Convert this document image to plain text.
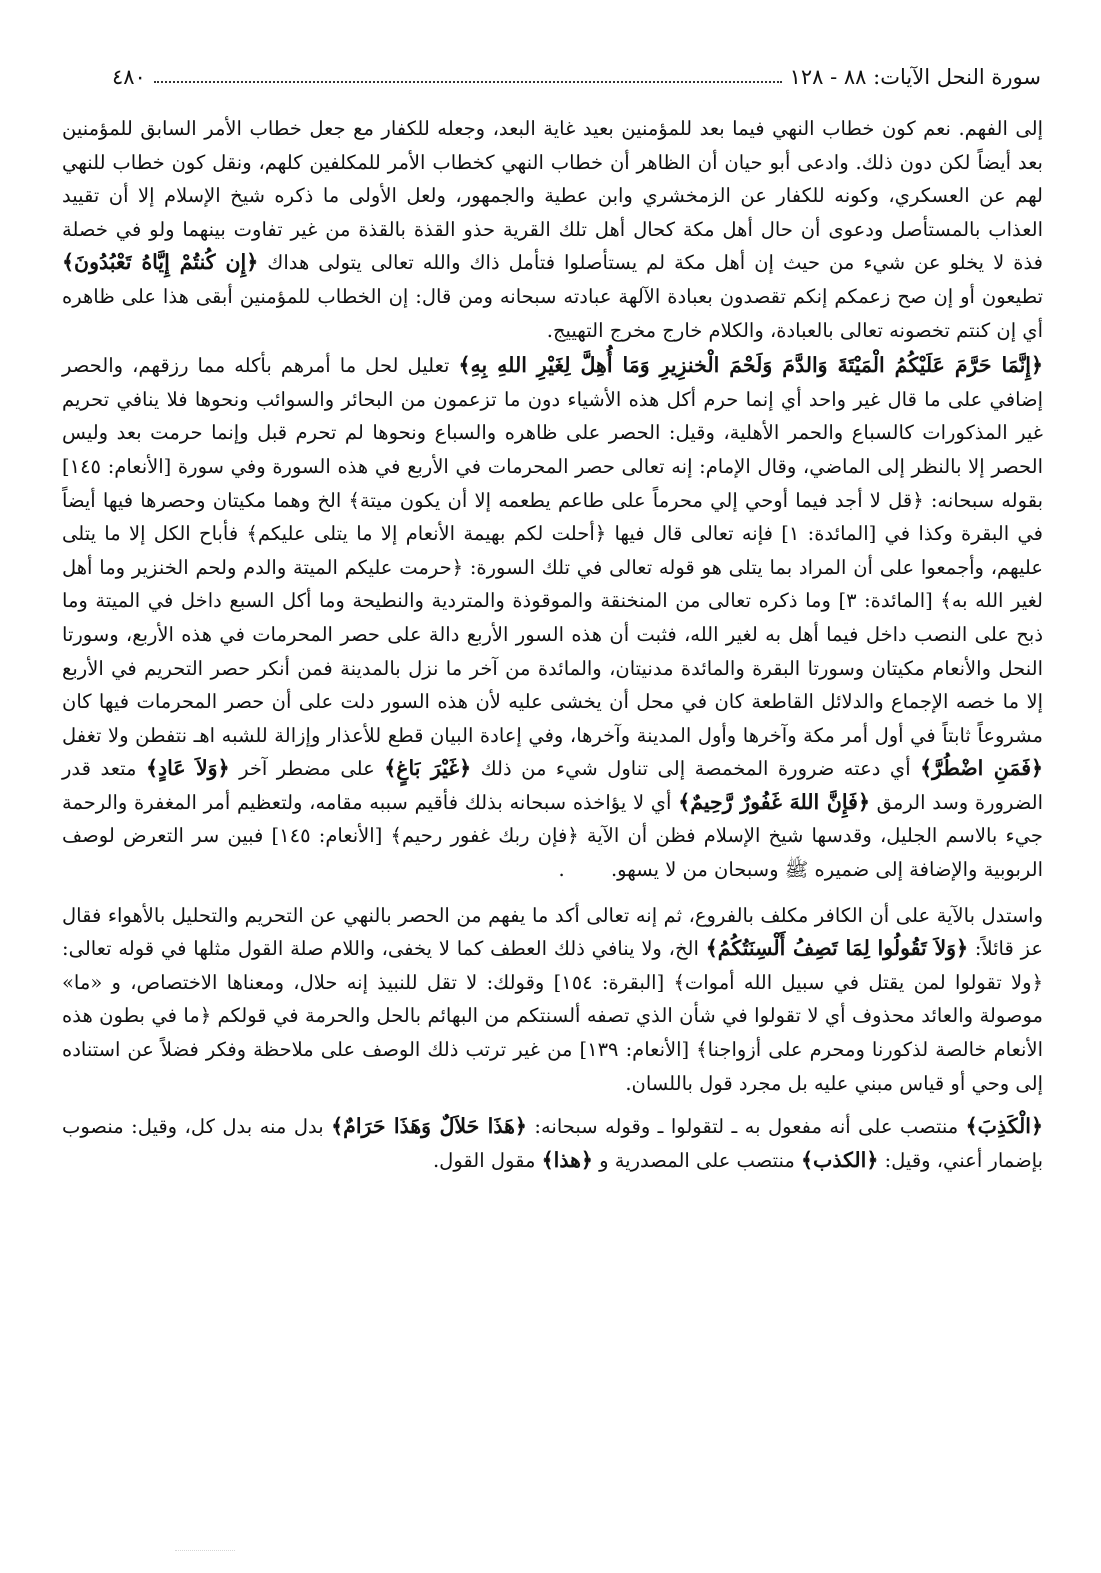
٤٨٠	سورة النحل الآيات: ٨٨ - ١٢٨

إلى الفهم. نعم كون خطاب النهي فيما بعد للمؤمنين بعيد غاية البعد، وجعله للكفار مع جعل خطاب الأمر السابق للمؤمنين بعد أيضاً لكن دون ذلك. وادعى أبو حيان أن الظاهر أن خطاب النهي كخطاب الأمر للمكلفين كلهم، ونقل كون خطاب للنهي لهم عن العسكري، وكونه للكفار عن الزمخشري وابن عطية والجمهور، ولعل الأولى ما ذكره شيخ الإسلام إلا أن تقييد العذاب بالمستأصل ودعوى أن حال أهل مكة كحال أهل تلك القرية حذو القذة بالقذة من غير تفاوت بينهما ولو في خصلة فذة لا يخلو عن شيء من حيث إن أهل مكة لم يستأصلوا فتأمل ذاك والله تعالى يتولى هداك ﴿إِن كُنتُمْ إِيَّاهُ تَعْبُدُونَ﴾ تطيعون أو إن صح زعمكم إنكم تقصدون بعبادة الآلهة عبادته سبحانه ومن قال: إن الخطاب للمؤمنين أبقى هذا على ظاهره أي إن كنتم تخصونه تعالى بالعبادة، والكلام خارج مخرج التهييج.

﴿إِنَّمَا حَرَّمَ عَلَيْكُمُ الْمَيْتَةَ وَالدَّمَ وَلَحْمَ الْخنزِيرِ وَمَا أُهِلَّ لِغَيْرِ اللهِ بِهِ﴾ تعليل لحل ما أمرهم بأكله مما رزقهم، والحصر إضافي على ما قال غير واحد أي إنما حرم أكل هذه الأشياء دون ما تزعمون من البحائر والسوائب ونحوها فلا ينافي تحريم غير المذكورات كالسباع والحمر الأهلية، وقيل: الحصر على ظاهره والسباع ونحوها لم تحرم قبل وإنما حرمت بعد وليس الحصر إلا بالنظر إلى الماضي، وقال الإمام: إنه تعالى حصر المحرمات في الأربع في هذه السورة وفي سورة [الأنعام: ١٤٥] بقوله سبحانه: ﴿قل لا أجد فيما أوحي إلي محرماً على طاعم يطعمه إلا أن يكون ميتة﴾ الخ وهما مكيتان وحصرها فيها أيضاً في البقرة وكذا في [المائدة: ١] فإنه تعالى قال فيها ﴿أحلت لكم بهيمة الأنعام إلا ما يتلى عليكم﴾ فأباح الكل إلا ما يتلى عليهم، وأجمعوا على أن المراد بما يتلى هو قوله تعالى في تلك السورة: ﴿حرمت عليكم الميتة والدم ولحم الخنزير وما أهل لغير الله به﴾ [المائدة: ٣] وما ذكره تعالى من المنخنقة والموقوذة والمتردية والنطيحة وما أكل السبع داخل في الميتة وما ذبح على النصب داخل فيما أهل به لغير الله، فثبت أن هذه السور الأربع دالة على حصر المحرمات في هذه الأربع، وسورتا النحل والأنعام مكيتان وسورتا البقرة والمائدة مدنيتان، والمائدة من آخر ما نزل بالمدينة فمن أنكر حصر التحريم في الأربع إلا ما خصه الإجماع والدلائل القاطعة كان في محل أن يخشى عليه لأن هذه السور دلت على أن حصر المحرمات فيها كان مشروعاً ثابتاً في أول أمر مكة وآخرها وأول المدينة وآخرها، وفي إعادة البيان قطع للأعذار وإزالة للشبه اهـ نتفطن ولا تغفل ﴿فَمَنِ اضْطُرَّ﴾ أي دعته ضرورة المخمصة إلى تناول شيء من ذلك ﴿غَيْرَ بَاغٍ﴾ على مضطر آخر ﴿وَلاَ عَادٍ﴾ متعد قدر الضرورة وسد الرمق ﴿فَإِنَّ اللهَ غَفُورٌ رَّحِيمٌ﴾ أي لا يؤاخذه سبحانه بذلك فأقيم سببه مقامه، ولتعظيم أمر المغفرة والرحمة جيء بالاسم الجليل، وقدسها شيخ الإسلام فظن أن الآية ﴿فإن ربك غفور رحيم﴾ [الأنعام: ١٤٥] فبين سر التعرض لوصف الربوبية والإضافة إلى ضميره ﷺ وسبحان من لا يسهو. .

واستدل بالآية على أن الكافر مكلف بالفروع، ثم إنه تعالى أكد ما يفهم من الحصر بالنهي عن التحريم والتحليل بالأهواء فقال عز قائلاً: ﴿وَلاَ تَقُولُوا لِمَا تَصِفُ أَلْسِنَتُكُمُ﴾ الخ، ولا ينافي ذلك العطف كما لا يخفى، واللام صلة القول مثلها في قوله تعالى: ﴿ولا تقولوا لمن يقتل في سبيل الله أموات﴾ [البقرة: ١٥٤] وقولك: لا تقل للنبيذ إنه حلال، ومعناها الاختصاص، و «ما» موصولة والعائد محذوف أي لا تقولوا في شأن الذي تصفه ألسنتكم من البهائم بالحل والحرمة في قولكم ﴿ما في بطون هذه الأنعام خالصة لذكورنا ومحرم على أزواجنا﴾ [الأنعام: ١٣٩] من غير ترتب ذلك الوصف على ملاحظة وفكر فضلاً عن استناده إلى وحي أو قياس مبني عليه بل مجرد قول باللسان.

﴿الْكَذِبَ﴾ منتصب على أنه مفعول به ـ لتقولوا ـ وقوله سبحانه: ﴿هَذَا حَلاَلٌ وَهَذَا حَرَامٌ﴾ بدل منه بدل كل، وقيل: منصوب بإضمار أعني، وقيل: ﴿الكذب﴾ منتصب على المصدرية و ﴿هذا﴾ مقول القول.
